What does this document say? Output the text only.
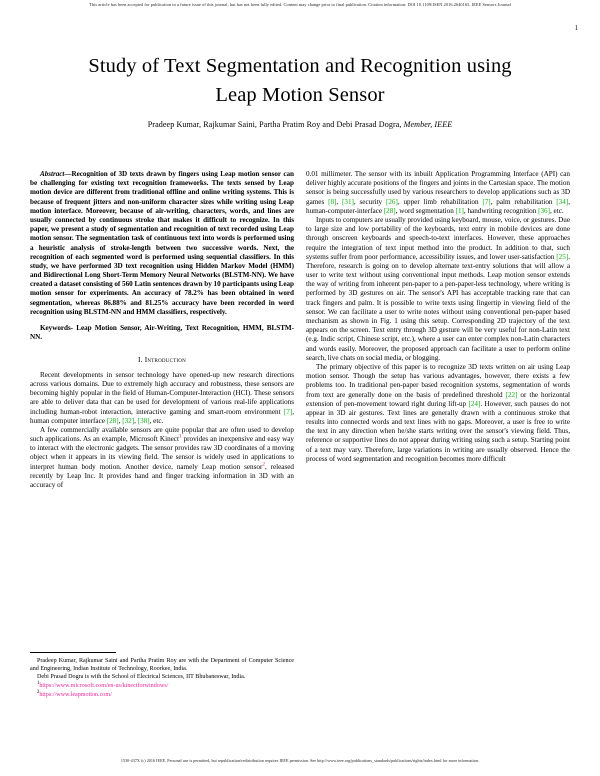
This article has been accepted for publication in a future issue of this journal, but has not been fully edited. Content may change prior to final publication. Citation information: DOI 10.1109/JSEN.2016.2640165, IEEE Sensors Journal
1
Study of Text Segmentation and Recognition using
Leap Motion Sensor
Pradeep Kumar, Rajkumar Saini, Partha Pratim Roy and Debi Prasad Dogra, Member, IEEE

Abstract—Recognition of 3D texts drawn by fingers using Leap motion sensor can be challenging for existing text recognition frameworks. The texts sensed by Leap motion device are different from traditional offline and online writing systems. This is because of frequent jitters and non-uniform character sizes while writing using Leap motion interface. Moreover, because of air-writing, characters, words, and lines are usually connected by continuous stroke that makes it difficult to recognize. In this paper, we present a study of segmentation and recognition of text recorded using Leap motion sensor. The segmentation task of continuous text into words is performed using a heuristic analysis of stroke-length between two successive words. Next, the recognition of each segmented word is performed using sequential classifiers. In this study, we have performed 3D text recognition using Hidden Markov Model (HMM) and Bidirectional Long Short-Term Memory Neural Networks (BLSTM-NN). We have created a dataset consisting of 560 Latin sentences drawn by 10 participants using Leap motion sensor for experiments. An accuracy of 78.2% has been obtained in word segmentation, whereas 86.88% and 81.25% accuracy have been recorded in word recognition using BLSTM-NN and HMM classifiers, respectively.

Keywords- Leap Motion Sensor, Air-Writing, Text Recognition, HMM, BLSTM-NN.

I. Introduction

Recent developments in sensor technology have opened-up new research directions across various domains. Due to extremely high accuracy and robustness, these sensors are becoming highly popular in the field of Human-Computer-Interaction (HCI). These sensors are able to deliver data that can be used for development of various real-life applications including human-robot interaction, interactive gaming and smart-room environment [7], human computer interface [28], [32], [38], etc.

A few commercially available sensors are quite popular that are often used to develop such applications. As an example, Microsoft Kinect$^1$ provides an inexpensive and easy way to interact with the electronic gadgets. The sensor provides raw 3D coordinates of a moving object when it appears in its viewing field. The sensor is widely used in applications to interpret human body motion. Another device, namely Leap motion sensor$^2$, released recently by Leap Inc. It provides hand and finger tracking information in 3D with an accuracy of

0.01 millimeter. The sensor with its inbuilt Application Programming Interface (API) can deliver highly accurate positions of the fingers and joints in the Cartesian space. The motion sensor is being successfully used by various researchers to develop applications such as 3D games [8], [31], security [26], upper limb rehabilitation [7], palm rehabilitation [34], human-computer-interface [28], word segmentation [1], handwriting recognition [36], etc.

Inputs to computers are usually provided using keyboard, mouse, voice, or gestures. Due to large size and low portability of the keyboards, text entry in mobile devices are done through onscreen keyboards and speech-to-text interfaces. However, these approaches require the integration of text input method into the product. In addition to that, such systems suffer from poor performance, accessibility issues, and lower user-satisfaction [25]. Therefore, research is going on to develop alternate text-entry solutions that will allow a user to write text without using conventional input methods. Leap motion sensor extends the way of writing from inherent pen-paper to a pen-paper-less technology, where writing is performed by 3D gestures on air. The sensor's API has acceptable tracking rate that can track fingers and palm. It is possible to write texts using fingertip in viewing field of the sensor. We can facilitate a user to write notes without using conventional pen-paper based mechanism as shown in Fig. 1 using this setup. Corresponding 2D trajectory of the text appears on the screen. Text entry through 3D gesture will be very useful for non-Latin text (e.g. Indic script, Chinese script, etc.), where a user can enter complex non-Latin characters and words easily. Moreover, the proposed approach can facilitate a user to perform online search, live chats on social media, or blogging.

The primary objective of this paper is to recognize 3D texts written on air using Leap motion sensor. Though the setup has various advantages, however, there exists a few problems too. In traditional pen-paper based recognition systems, segmentation of words from text are generally done on the basis of predefined threshold [22] or the horizontal extension of pen-movement toward right during lift-up [24]. However, such pauses do not appear in 3D air gestures. Text lines are generally drawn with a continuous stroke that results into connected words and text lines with no gaps. Moreover, a user is free to write the text in any direction when he/she starts writing over the sensor's viewing field. Thus, reference or supportive lines do not appear during writing using such a setup. Starting point of a text may vary. Therefore, large variations in writing are usually observed. Hence the process of word segmentation and recognition becomes more difficult

Pradeep Kumar, Rajkumar Saini and Partha Pratim Roy are with the Department of Computer Science and Engineering, Indian Institute of Technology, Roorkee, India.

Debi Prasad Dogra is with the School of Electrical Sciences, IIT Bhubaneswar, India.

$^1$https://www.microsoft.com/en-us/kinectforwindows/

$^2$https://www.leapmotion.com/

1530-437X (c) 2016 IEEE. Personal use is permitted, but republication/redistribution requires IEEE permission. See http://www.ieee.org/publications_standards/publications/rights/index.html for more information.
